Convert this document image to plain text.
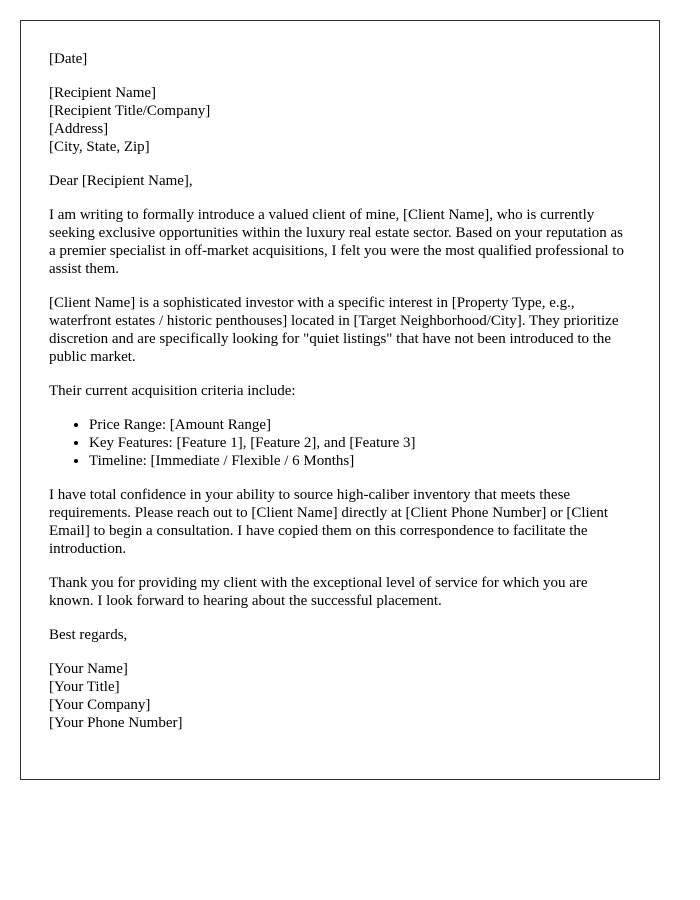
[Date]

[Recipient Name]

[Recipient Title/Company]

[Address]

[City, State, Zip]

Dear [Recipient Name],

I am writing to formally introduce a valued client of mine, [Client Name], who is currently seeking exclusive opportunities within the luxury real estate sector. Based on your reputation as a premier specialist in off-market acquisitions, I felt you were the most qualified professional to assist them.

[Client Name] is a sophisticated investor with a specific interest in [Property Type, e.g., waterfront estates / historic penthouses] located in [Target Neighborhood/City]. They prioritize discretion and are specifically looking for "quiet listings" that have not been introduced to the public market.

Their current acquisition criteria include:

• Price Range: [Amount Range]
• Key Features: [Feature 1], [Feature 2], and [Feature 3]
• Timeline: [Immediate / Flexible / 6 Months]

I have total confidence in your ability to source high-caliber inventory that meets these requirements. Please reach out to [Client Name] directly at [Client Phone Number] or [Client Email] to begin a consultation. I have copied them on this correspondence to facilitate the introduction.

Thank you for providing my client with the exceptional level of service for which you are known. I look forward to hearing about the successful placement.

Best regards,

[Your Name]

[Your Title]

[Your Company]

[Your Phone Number]
